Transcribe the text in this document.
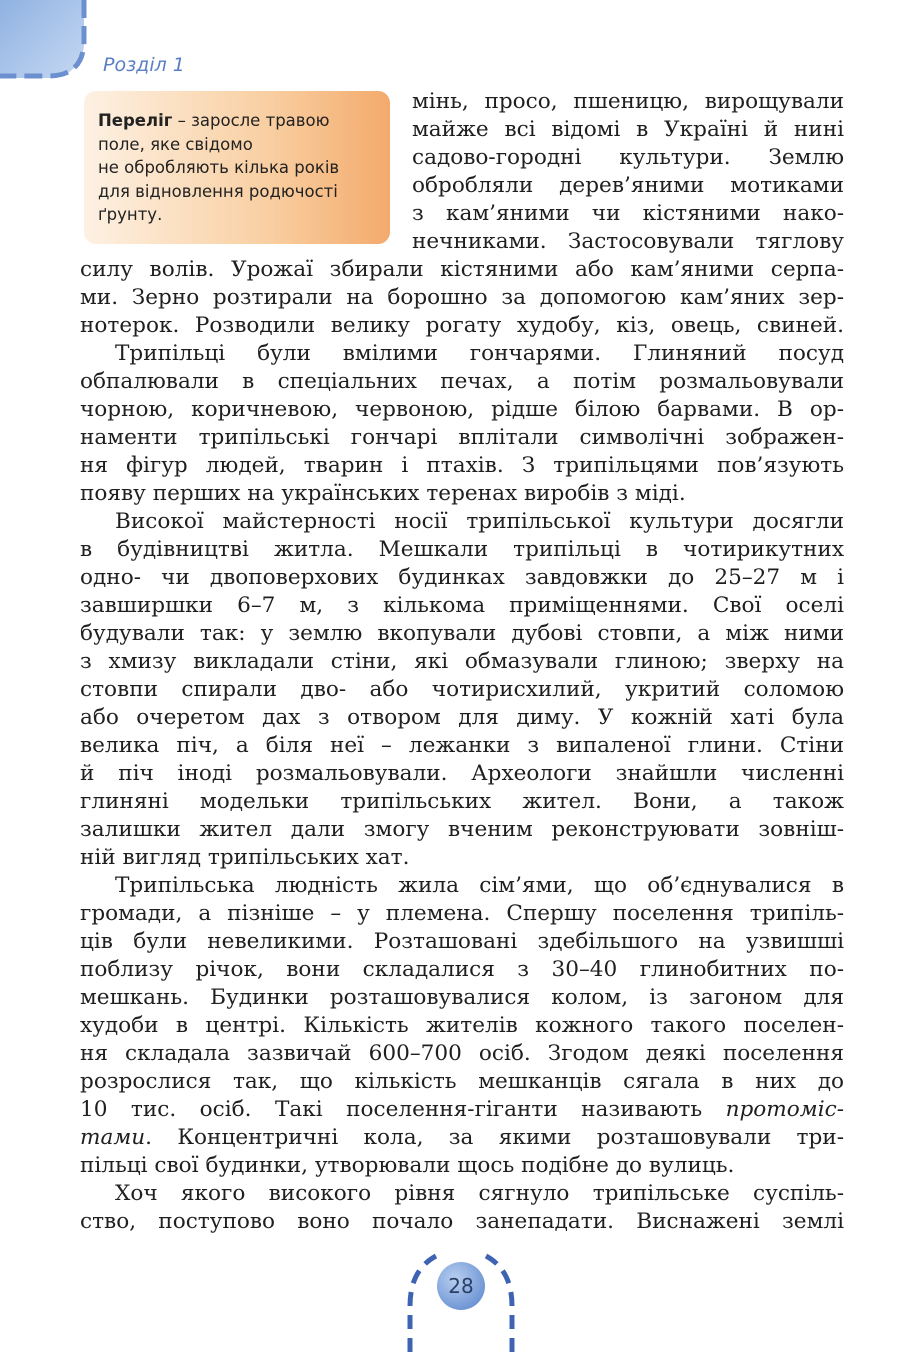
Розділ 1
Переліг – заросле травою
поле, яке свідомо
не обробляють кілька років
для відновлення родючості
ґрунту.
мінь, просо, пшеницю, вирощували
майже всі відомі в Україні й нині
садово-городні культури. Землю
обробляли дерев’яними мотиками
з кам’яними чи кістяними нако-
нечниками. Застосовували тяглову
силу волів. Урожаї збирали кістяними або кам’яними серпа-
ми. Зерно розтирали на борошно за допомогою кам’яних зер-
нотерок. Розводили велику рогату худобу, кіз, овець, свиней.
Трипільці були вмілими гончарями. Глиняний посуд
обпалювали в спеціальних печах, а потім розмальовували
чорною, коричневою, червоною, рідше білою барвами. В ор-
наменти трипільські гончарі вплітали символічні зображен-
ня фігур людей, тварин і птахів. З трипільцями пов’язують
появу перших на українських теренах виробів з міді.
Високої майстерності носії трипільської культури досягли
в будівництві житла. Мешкали трипільці в чотирикутних
одно- чи двоповерхових будинках завдовжки до 25–27 м і
завширшки 6–7 м, з кількома приміщеннями. Свої оселі
будували так: у землю вкопували дубові стовпи, а між ними
з хмизу викладали стіни, які обмазували глиною; зверху на
стовпи спирали дво- або чотирисхилий, укритий соломою
або очеретом дах з отвором для диму. У кожній хаті була
велика піч, а біля неї – лежанки з випаленої глини. Стіни
й піч іноді розмальовували. Археологи знайшли численні
глиняні модельки трипільських жител. Вони, а також
залишки жител дали змогу вченим реконструювати зовніш-
ній вигляд трипільських хат.
Трипільська людність жила сім’ями, що об’єднувалися в
громади, а пізніше – у племена. Спершу поселення трипіль-
ців були невеликими. Розташовані здебільшого на узвишші
поблизу річок, вони складалися з 30–40 глинобитних по-
мешкань. Будинки розташовувалися колом, із загоном для
худоби в центрі. Кількість жителів кожного такого поселен-
ня складала зазвичай 600–700 осіб. Згодом деякі поселення
розрослися так, що кількість мешканців сягала в них до
10 тис. осіб. Такі поселення-гіганти називають протоміс-
тами. Концентричні кола, за якими розташовували три-
пільці свої будинки, утворювали щось подібне до вулиць.
Хоч якого високого рівня сягнуло трипільське суспіль-
ство, поступово воно почало занепадати. Виснажені землі
28
